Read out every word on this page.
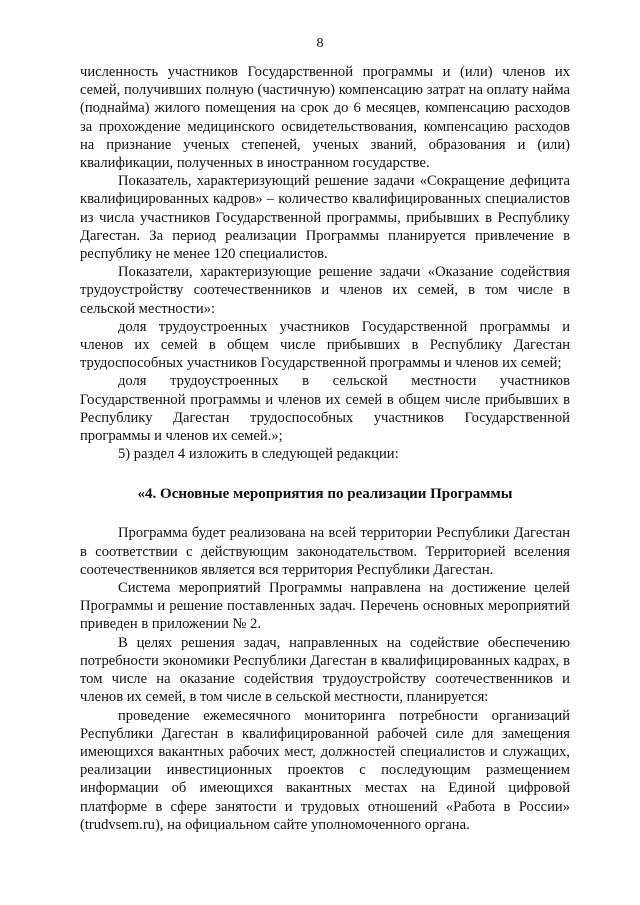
8

численность участников Государственной программы и (или) членов их семей, получивших полную (частичную) компенсацию затрат на оплату найма (поднайма) жилого помещения на срок до 6 месяцев, компенсацию расходов за прохождение медицинского освидетельствования, компенсацию расходов на признание ученых степеней, ученых званий, образования и (или) квалификации, полученных в иностранном государстве.

Показатель, характеризующий решение задачи «Сокращение дефицита квалифицированных кадров» – количество квалифицированных специалистов из числа участников Государственной программы, прибывших в Республику Дагестан. За период реализации Программы планируется привлечение в республику не менее 120 специалистов.

Показатели, характеризующие решение задачи «Оказание содействия трудоустройству соотечественников и членов их семей, в том числе в сельской местности»:

доля трудоустроенных участников Государственной программы и членов их семей в общем числе прибывших в Республику Дагестан трудоспособных участников Государственной программы и членов их семей;

доля трудоустроенных в сельской местности участников Государственной программы и членов их семей в общем числе прибывших в Республику Дагестан трудоспособных участников Государственной программы и членов их семей.»;

5) раздел 4 изложить в следующей редакции:

«4. Основные мероприятия по реализации Программы

Программа будет реализована на всей территории Республики Дагестан в соответствии с действующим законодательством. Территорией вселения соотечественников является вся территория Республики Дагестан.

Система мероприятий Программы направлена на достижение целей Программы и решение поставленных задач. Перечень основных мероприятий приведен в приложении № 2.

В целях решения задач, направленных на содействие обеспечению потребности экономики Республики Дагестан в квалифицированных кадрах, в том числе на оказание содействия трудоустройству соотечественников и членов их семей, в том числе в сельской местности, планируется:

проведение ежемесячного мониторинга потребности организаций Республики Дагестан в квалифицированной рабочей силе для замещения имеющихся вакантных рабочих мест, должностей специалистов и служащих, реализации инвестиционных проектов с последующим размещением информации об имеющихся вакантных местах на Единой цифровой платформе в сфере занятости и трудовых отношений «Работа в России» (trudvsem.ru), на официальном сайте уполномоченного органа.
